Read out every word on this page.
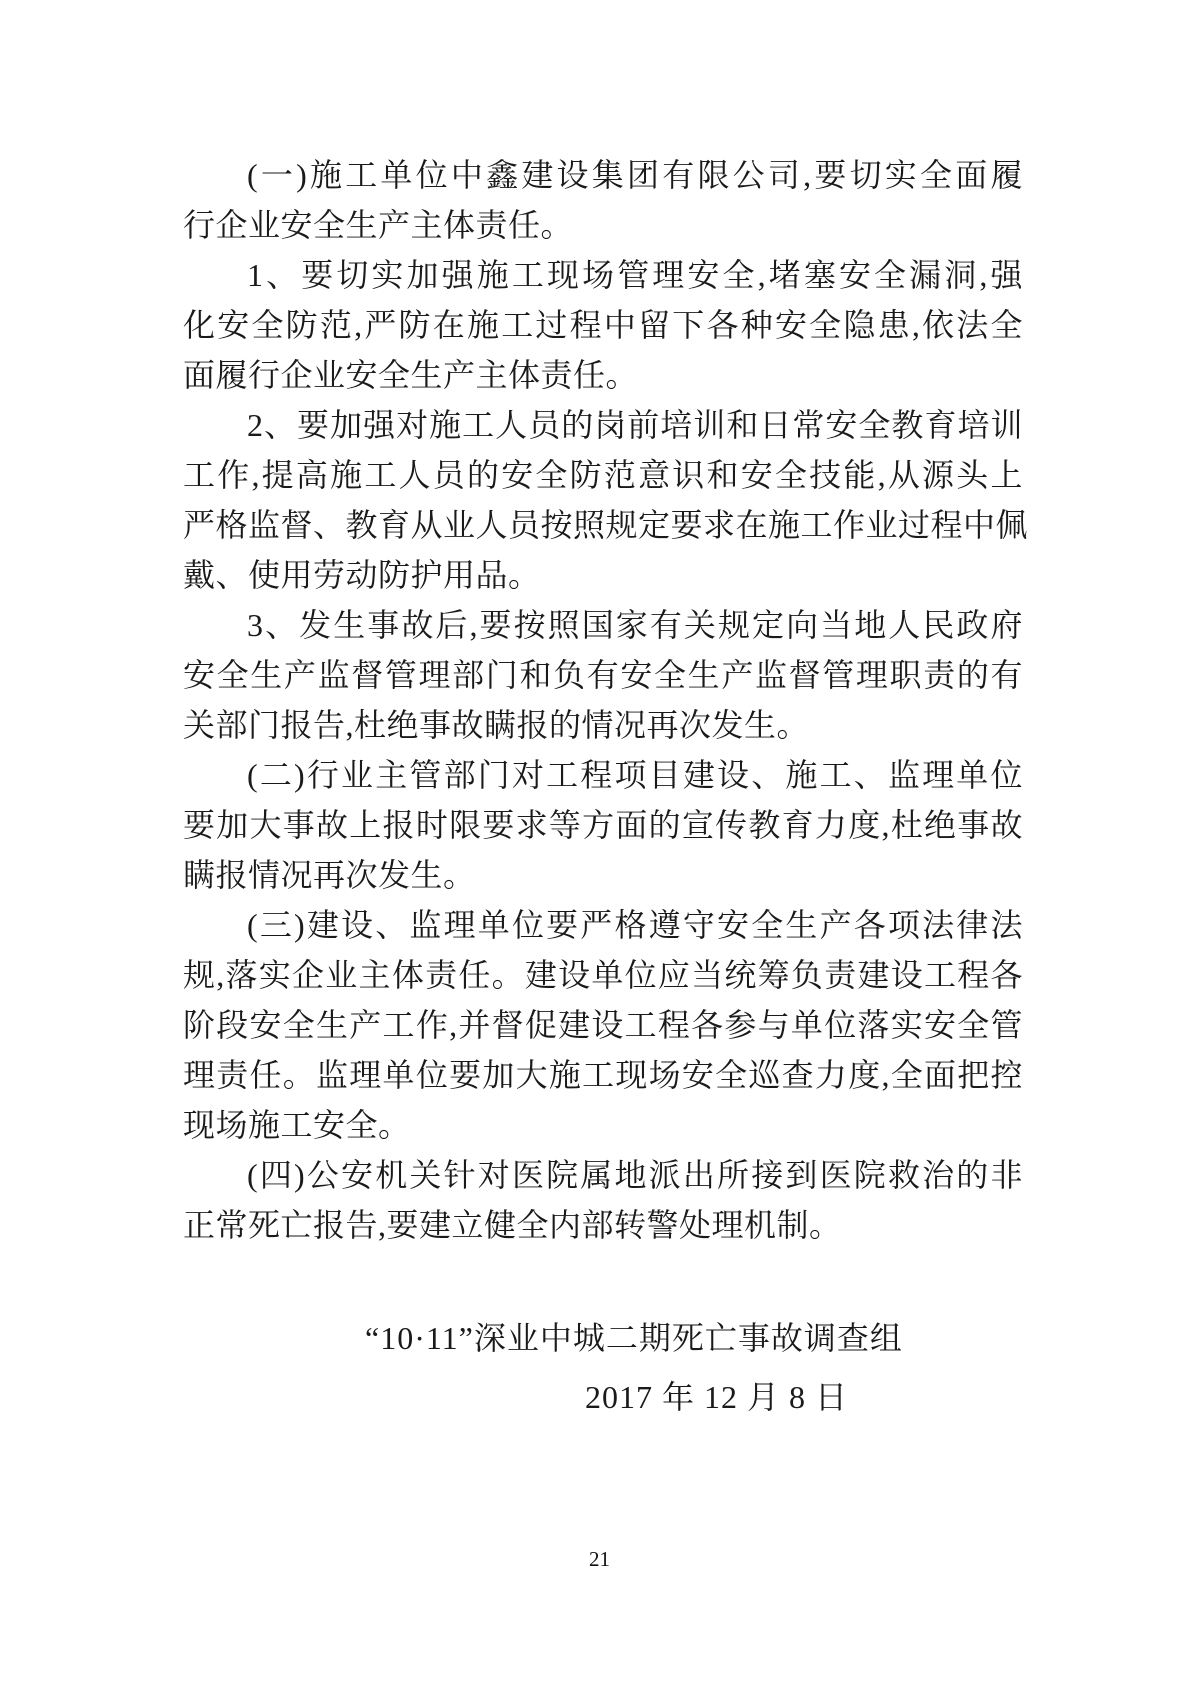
(一)施工单位中鑫建设集团有限公司,要切实全面履
行企业安全生产主体责任。
1、要切实加强施工现场管理安全,堵塞安全漏洞,强
化安全防范,严防在施工过程中留下各种安全隐患,依法全
面履行企业安全生产主体责任。
2、要加强对施工人员的岗前培训和日常安全教育培训
工作,提高施工人员的安全防范意识和安全技能,从源头上
严格监督、教育从业人员按照规定要求在施工作业过程中佩
戴、使用劳动防护用品。
3、发生事故后,要按照国家有关规定向当地人民政府
安全生产监督管理部门和负有安全生产监督管理职责的有
关部门报告,杜绝事故瞒报的情况再次发生。
(二)行业主管部门对工程项目建设、施工、监理单位
要加大事故上报时限要求等方面的宣传教育力度,杜绝事故
瞒报情况再次发生。
(三)建设、监理单位要严格遵守安全生产各项法律法
规,落实企业主体责任。建设单位应当统筹负责建设工程各
阶段安全生产工作,并督促建设工程各参与单位落实安全管
理责任。监理单位要加大施工现场安全巡查力度,全面把控
现场施工安全。
(四)公安机关针对医院属地派出所接到医院救治的非
正常死亡报告,要建立健全内部转警处理机制。
“10·11”深业中城二期死亡事故调查组
2017 年 12 月 8 日
21
